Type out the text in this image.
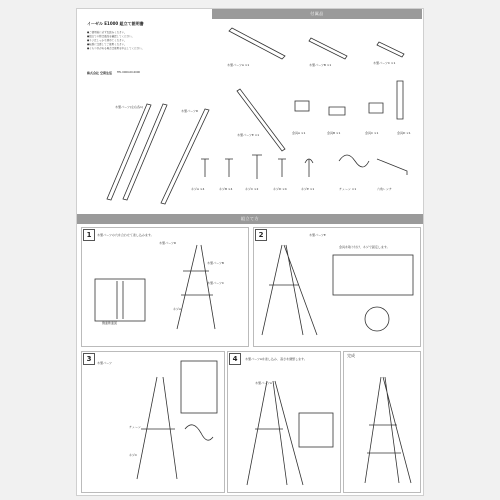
付属品
組立て方
イーゼル E1000 組立て説明書
●ご使用前に必ずお読みください。
●組立ての際は部品を確認してください。
●ネジはしっかり締めてください。
●転倒に注意してご使用ください。
●ぐらつきがある場合は使用を中止してください。
株式会社 空間生活 TEL 0000-00-0000
木製パーツA ×1	木製パーツB ×1	木製パーツC ×1
木製パーツ(左右各1)
木製パーツD
木製パーツE ×1	金具A ×1	金具B ×1	金具C ×1	金具D ×1
ネジA ×4	ネジB ×4	ネジC ×2	ネジD ×4	ネジE ×1	チェーン ×1	六角レンチ
1	2
3	4	完成
木製パーツの穴を合わせて差し込みます。
側面断面図
木製パーツD
木製パーツB
木製パーツC
ネジA
木製パーツE
金具を取り付け、ネジで固定します。
木製パーツ
チェーン
ネジC
木製パーツAを差し込み、高さを調整します。
木製パーツA
